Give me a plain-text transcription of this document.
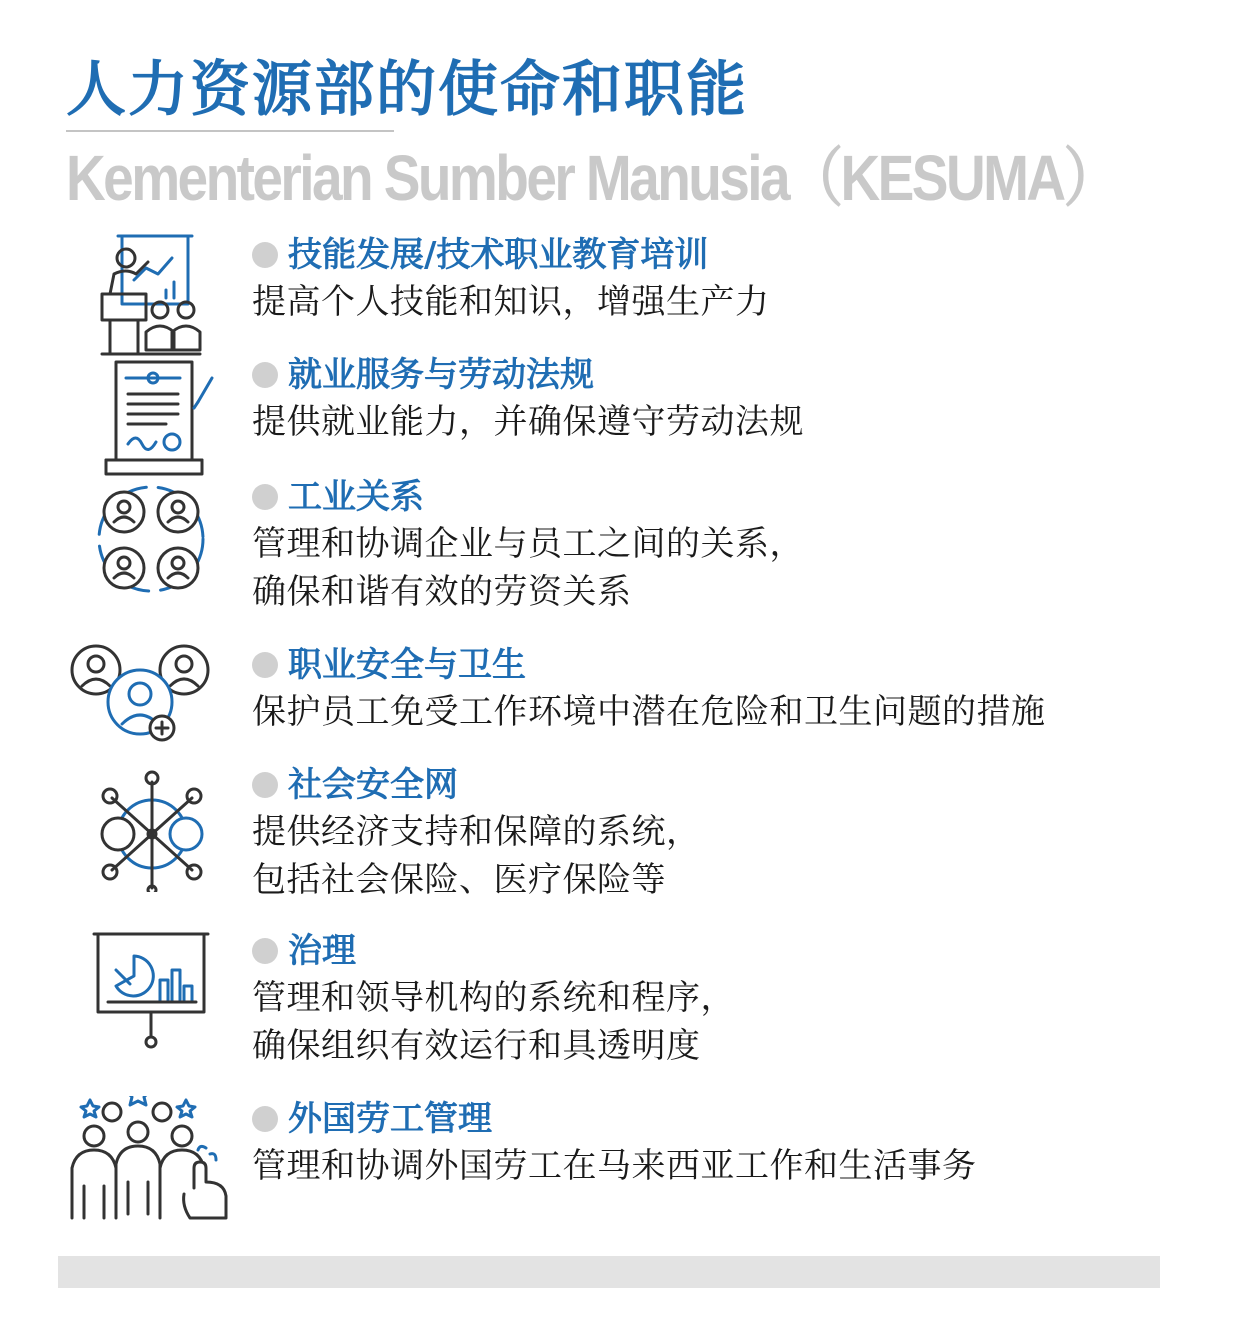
人力资源部的使命和职能
Kementerian Sumber Manusia（KESUMA）
技能发展/技术职业教育培训
提高个人技能和知识，增强生产力
就业服务与劳动法规
提供就业能力，并确保遵守劳动法规
工业关系
管理和协调企业与员工之间的关系，
确保和谐有效的劳资关系
职业安全与卫生
保护员工免受工作环境中潜在危险和卫生问题的措施
社会安全网
提供经济支持和保障的系统，
包括社会保险、医疗保险等
治理
管理和领导机构的系统和程序，
确保组织有效运行和具透明度
外国劳工管理
管理和协调外国劳工在马来西亚工作和生活事务
